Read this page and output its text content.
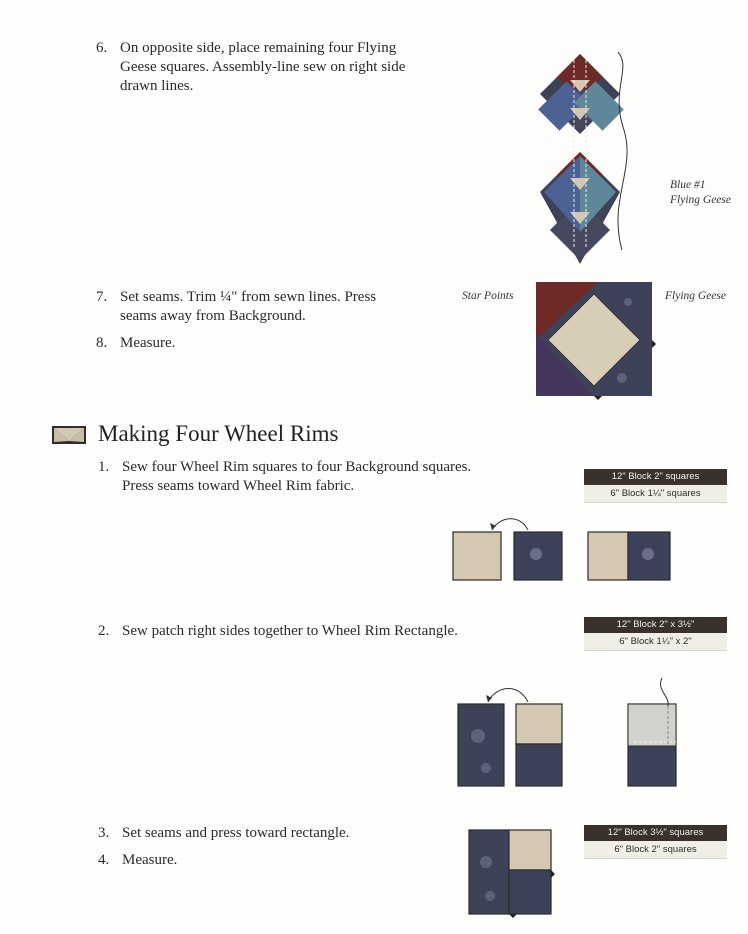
6. On opposite side, place remaining four Flying Geese squares. Assembly-line sew on right side drawn lines.
Blue #1
Flying Geese
7. Set seams. Trim ¼" from sewn lines. Press seams away from Background.
8. Measure.
Star Points	Flying Geese
Making Four Wheel Rims
1. Sew four Wheel Rim squares to four Background squares. Press seams toward Wheel Rim fabric.
12" Block 2" squares
6" Block 1¼" squares
2. Sew patch right sides together to Wheel Rim Rectangle.	12" Block 2" x 3½"
6" Block 1¼" x 2"
3. Set seams and press toward rectangle.
4. Measure.
12" Block 3½" squares
6" Block 2" squares
